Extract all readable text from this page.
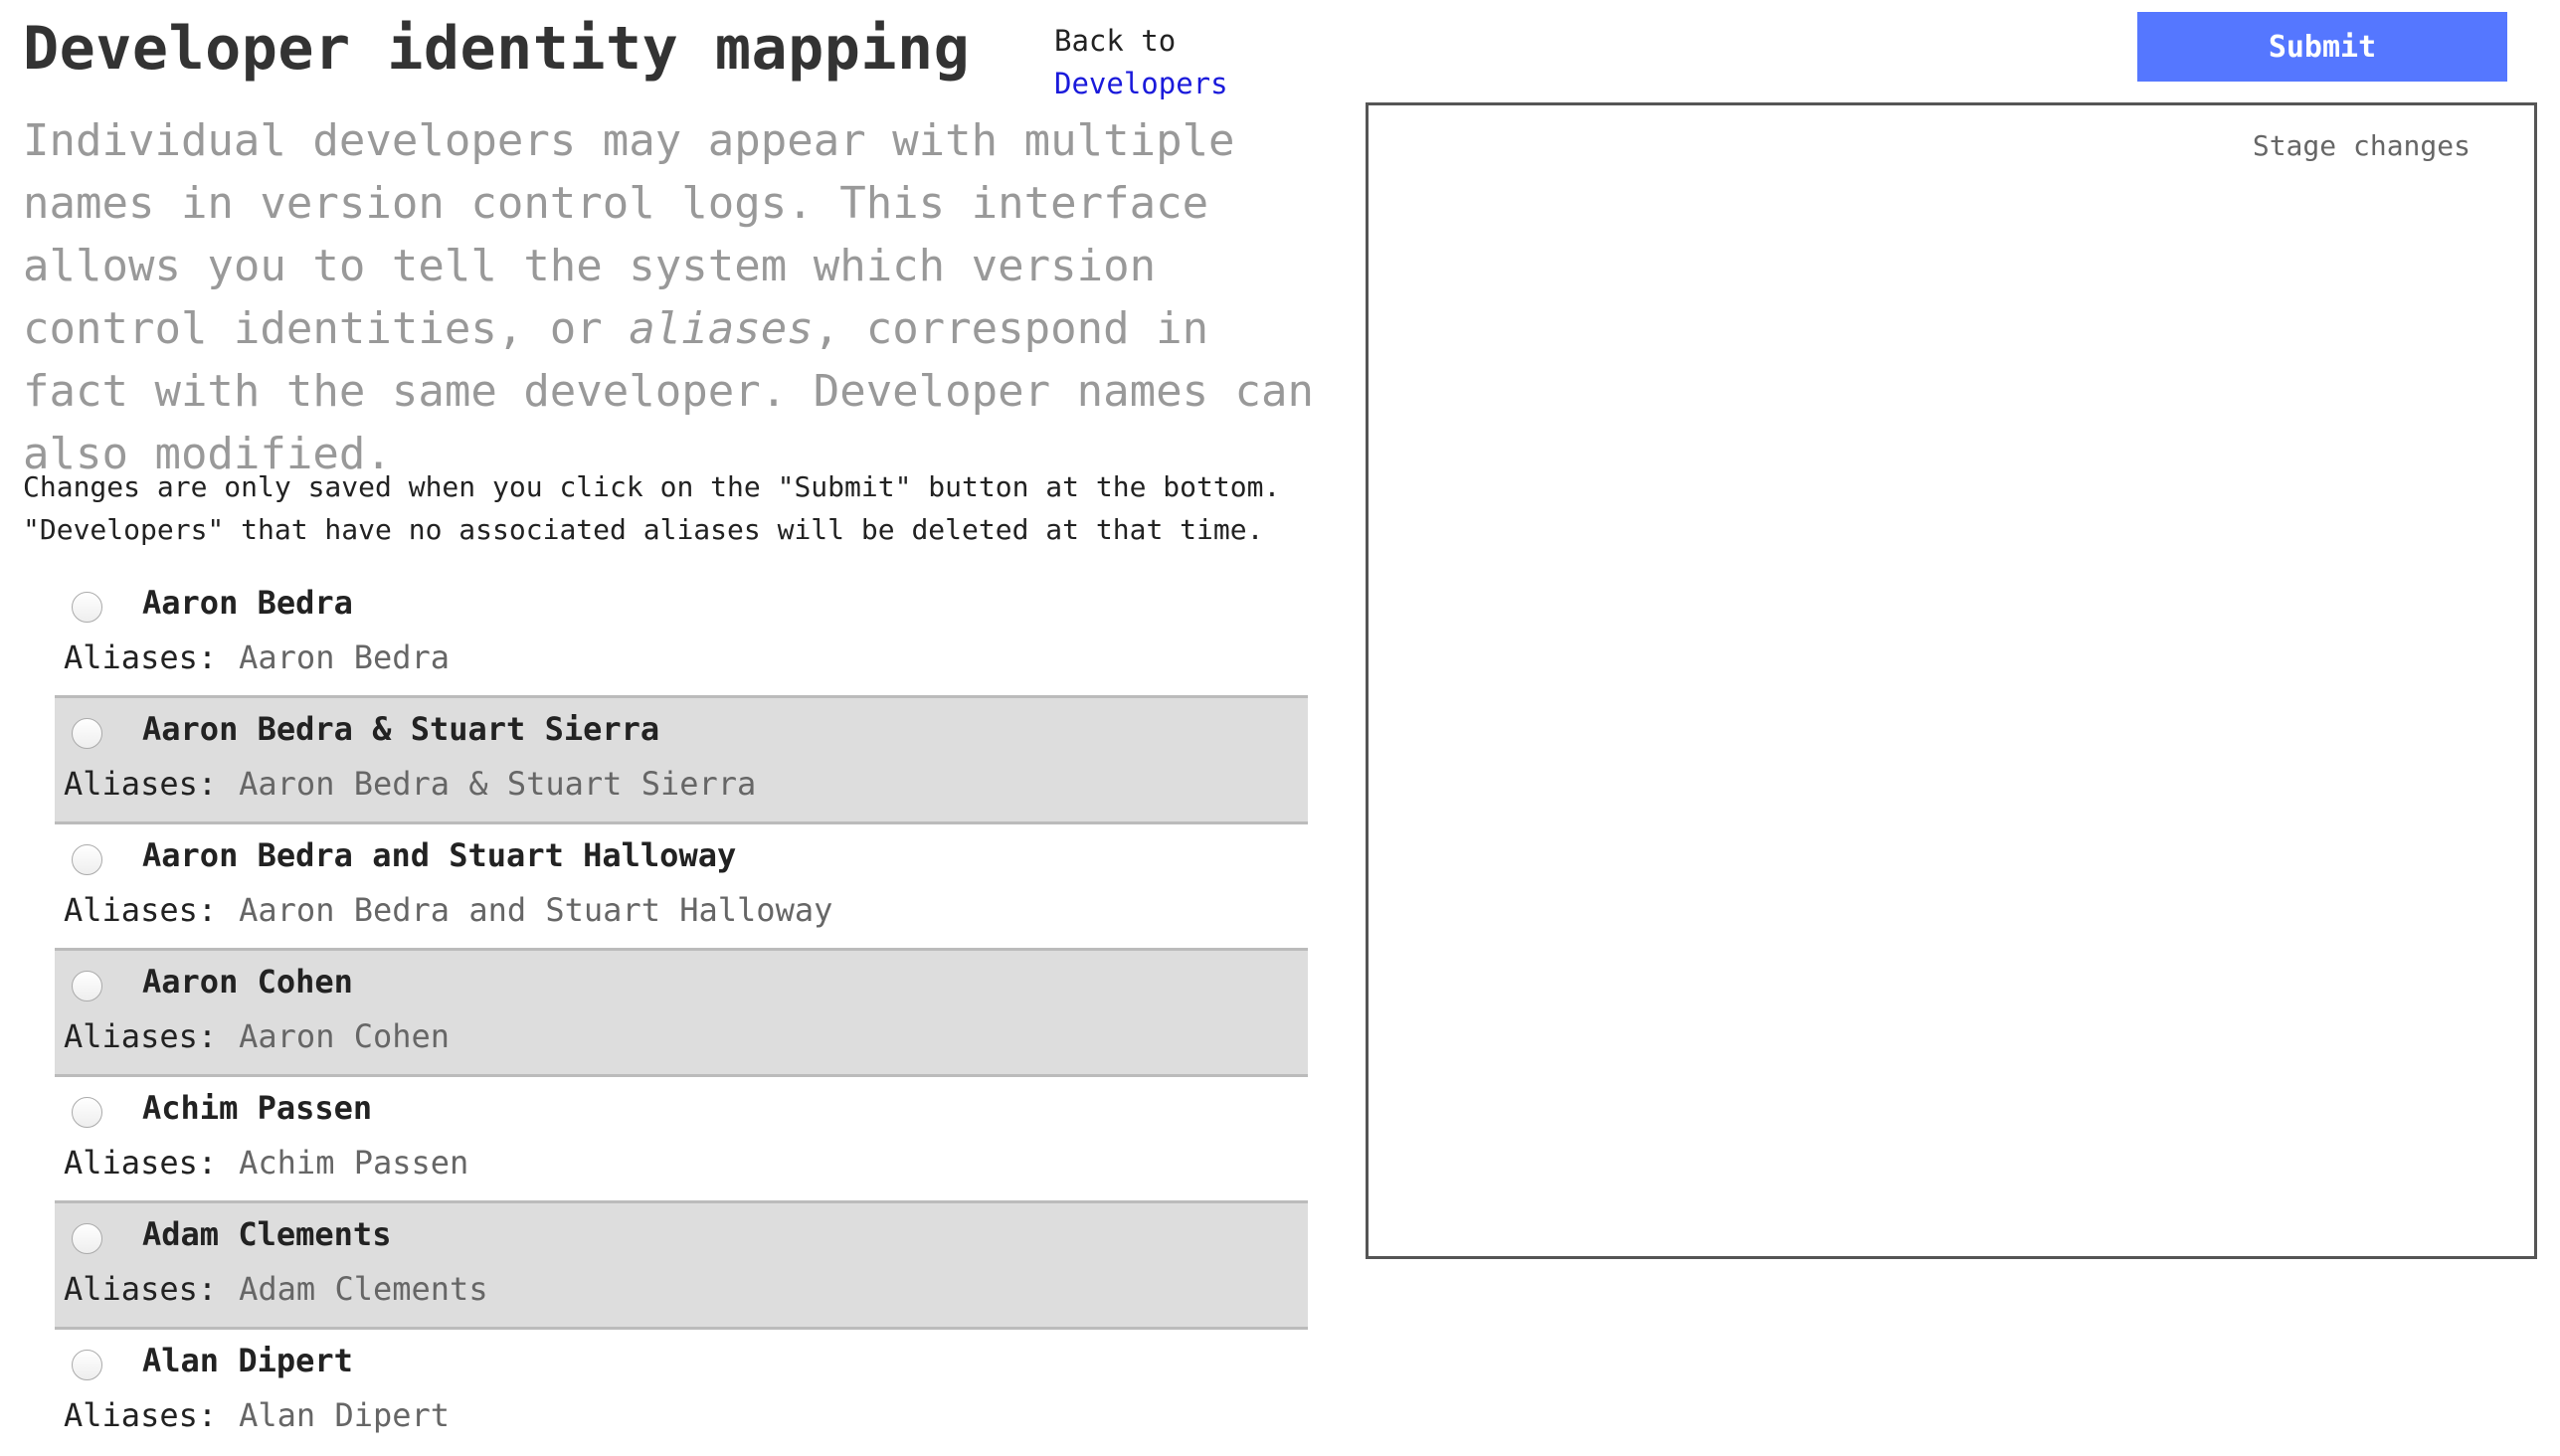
Developer identity mapping	Back to
Developers
Submit

Individual developers may appear with multiple names in version control logs. This interface allows you to tell the system which version control identities, or aliases, correspond in fact with the same developer. Developer names can also modified.

Changes are only saved when you click on the "Submit" button at the bottom.
"Developers" that have no associated aliases will be deleted at that time.

Aaron Bedra
Aliases: Aaron Bedra
Aaron Bedra & Stuart Sierra
Aliases: Aaron Bedra & Stuart Sierra
Aaron Bedra and Stuart Halloway
Aliases: Aaron Bedra and Stuart Halloway
Aaron Cohen
Aliases: Aaron Cohen
Achim Passen
Aliases: Achim Passen
Adam Clements
Aliases: Adam Clements
Alan Dipert
Aliases: Alan Dipert
Stage changes
